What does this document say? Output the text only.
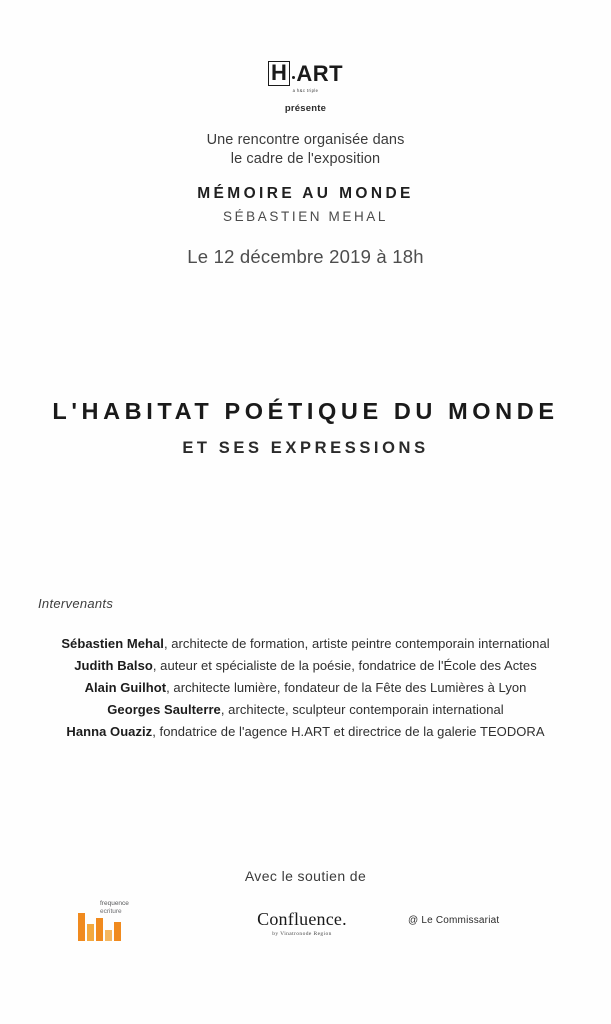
H ART
a h&c triple
présente
Une rencontre organisée dans
le cadre de l'exposition
MÉMOIRE AU MONDE
SÉBASTIEN MEHAL
Le 12 décembre 2019 à 18h
L'HABITAT POÉTIQUE DU MONDE
ET SES EXPRESSIONS
Intervenants
Sébastien Mehal, architecte de formation, artiste peintre contemporain international
Judith Balso, auteur et spécialiste de la poésie, fondatrice de l'École des Actes
Alain Guilhot, architecte lumière, fondateur de la Fête des Lumières à Lyon
Georges Saulterre, architecte, sculpteur contemporain international
Hanna Ouaziz, fondatrice de l'agence H.ART et directrice de la galerie TEODORA
Avec le soutien de
frequence
ecriture	Confluence.
by Vinatronode Region
@ Le Commissariat
